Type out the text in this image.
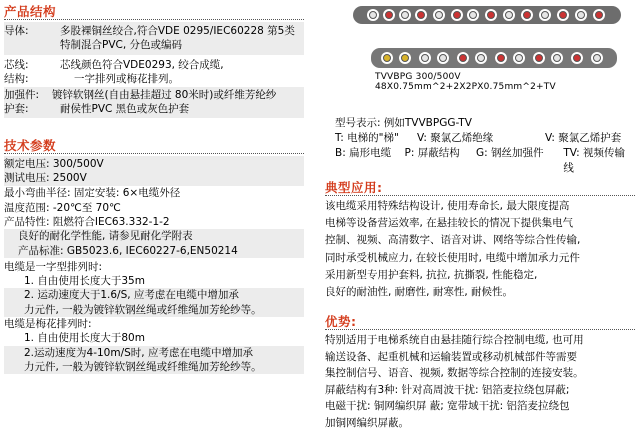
产品结构
导体:	多股裸铜丝绞合,符合VDE 0295/IEC60228 第5类
特制混合PVC, 分色或编码
芯线:	芯线颜色符合VDE0293, 绞合成缆,
结构:	一字排列或梅花排列。
加强件:	镀锌软钢丝(自由悬挂超过 80米时)或纤维芳纶纱
护套:	耐侯性PVC 黑色或灰色护套
技术参数
额定电压: 300/500V
测试电压: 2500V
最小弯曲半径: 固定安装: 6×电缆外径
温度范围: -20℃至 70℃
产品特性: 阻燃符合IEC63.332-1-2
良好的耐化学性能, 请参见耐化学附表
产品标准: GB5023.6, IEC60227-6,EN50214
电缆是一字型排列时:
1. 自由使用长度大于35m
2. 运动速度大于1.6/S, 应考虑在电缆中增加承
力元件, 一般为镀锌软钢丝绳或纤维绳加芳纶纱等。
电缆是梅花排列时:
1. 自由使用长度大于80m
2.运动速度为4-10m/S时, 应考虑在电缆中增加承
力元件, 一般为镀锌软钢丝绳或纤维绳加芳纶纱等。
TVVBPG 300/500V 48X0.75mm^2+2X2PX0.75mm^2+TV
型号表示: 例如TVVBPGG-TV
T: 电梯的"梯"	V: 聚氯乙烯绝缘	V: 聚氯乙烯护套
B: 扁形电缆	P: 屏蔽结构	G: 钢丝加强件	TV: 视频传输线
典型应用:
该电缆采用特殊结构设计, 使用寿命长, 最大限度提高
电梯等设备营运效率, 在悬挂较长的情况下提供集电气
控制、视频、高清数字、语音对讲、网络等综合性传输,
同时承受机械应力, 在较长使用时, 电缆中增加承力元件
采用新型专用护套料, 抗拉, 抗撕裂, 性能稳定,
良好的耐油性, 耐磨性, 耐寒性, 耐候性。
优势:
特别适用于电梯系统自由悬挂随行综合控制电缆, 也可用
输送设备、起重机械和运输装置或移动机械部件等需要
集控制信号、语音、视频, 数据等综合控制的连接安装。
屏蔽结构有3种: 针对高周波干扰: 铝箔麦拉绕包屏蔽;
电磁干扰: 铜网编织屏 蔽; 宽带域干扰: 铝箔麦拉绕包
加铜网编织屏蔽。
